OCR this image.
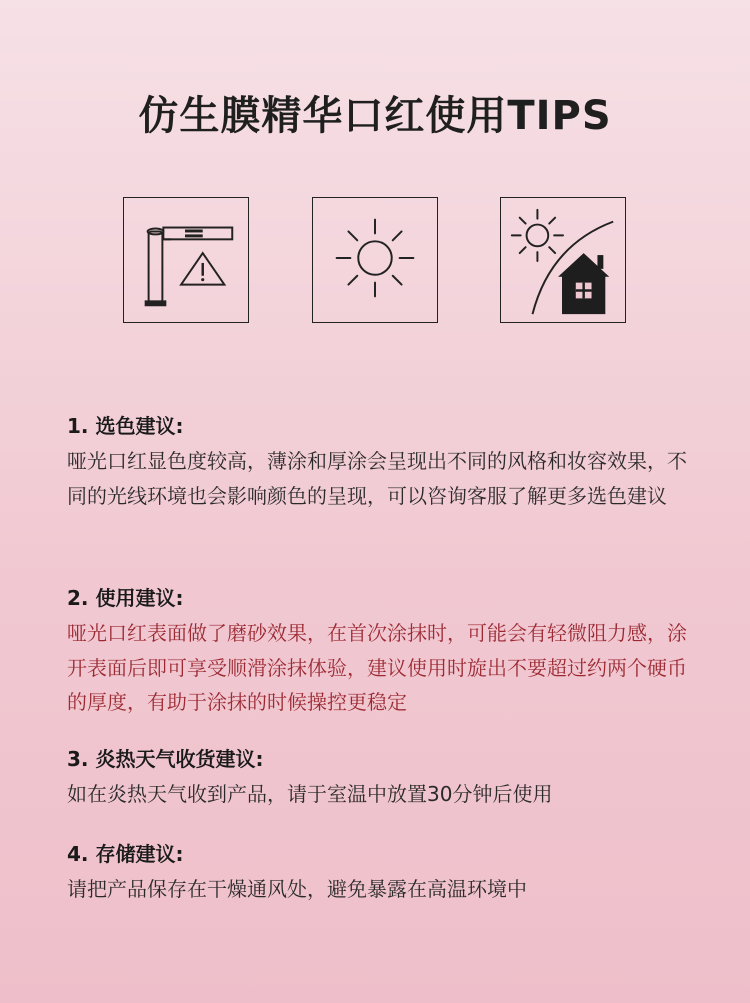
仿生膜精华口红使用TIPS
1. 选色建议:
哑光口红显色度较高，薄涂和厚涂会呈现出不同的风格和妆容效果，不同的光线环境也会影响颜色的呈现，可以咨询客服了解更多选色建议
2. 使用建议:
哑光口红表面做了磨砂效果，在首次涂抹时，可能会有轻微阻力感，涂开表面后即可享受顺滑涂抹体验，建议使用时旋出不要超过约两个硬币的厚度，有助于涂抹的时候操控更稳定
3. 炎热天气收货建议:
如在炎热天气收到产品，请于室温中放置30分钟后使用
4. 存储建议:
请把产品保存在干燥通风处，避免暴露在高温环境中
